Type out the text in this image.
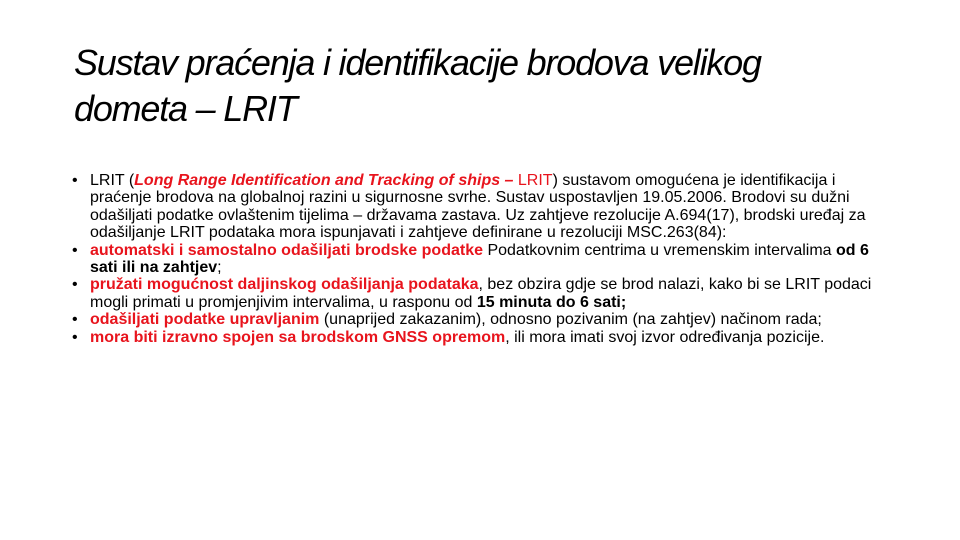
Sustav praćenja i identifikacije brodova velikog
dometa – LRIT
• LRIT (Long Range Identification and Tracking of ships – LRIT) sustavom omogućena je identifikacija i praćenje brodova na globalnoj razini u sigurnosne svrhe. Sustav uspostavljen 19.05.2006. Brodovi su dužni odašiljati podatke ovlaštenim tijelima – državama zastava. Uz zahtjeve rezolucije A.694(17), brodski uređaj za odašiljanje LRIT podataka mora ispunjavati i zahtjeve definirane u rezoluciji MSC.263(84):
• automatski i samostalno odašiljati brodske podatke Podatkovnim centrima u vremenskim intervalima od 6 sati ili na zahtjev;
• pružati mogućnost daljinskog odašiljanja podataka, bez obzira gdje se brod nalazi, kako bi se LRIT podaci mogli primati u promjenjivim intervalima, u rasponu od 15 minuta do 6 sati;
• odašiljati podatke upravljanim (unaprijed zakazanim), odnosno pozivanim (na zahtjev) načinom rada;
• mora biti izravno spojen sa brodskom GNSS opremom, ili mora imati svoj izvor određivanja pozicije.
